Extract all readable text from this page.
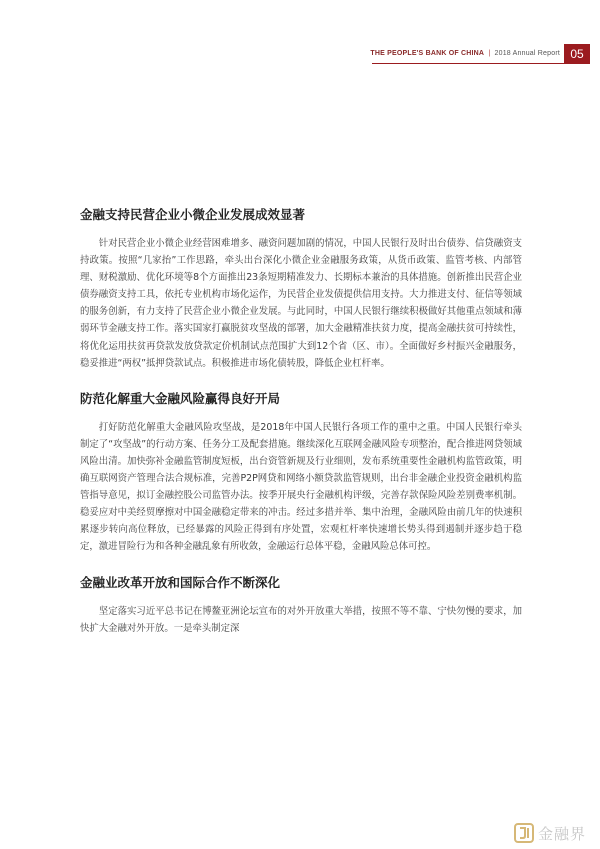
THE PEOPLE'S BANK OF CHINA | 2018 Annual Report 05
金融支持民营企业小微企业发展成效显著

针对民营企业小微企业经营困难增多、融资问题加剧的情况，中国人民银行及时出台债券、信贷融资支持政策。按照“几家抬”工作思路，牵头出台深化小微企业金融服务政策，从货币政策、监管考核、内部管理、财税激励、优化环境等8个方面推出23条短期精准发力、长期标本兼治的具体措施。创新推出民营企业债券融资支持工具，依托专业机构市场化运作，为民营企业发债提供信用支持。大力推进支付、征信等领域的服务创新，有力支持了民营企业小微企业发展。与此同时，中国人民银行继续积极做好其他重点领域和薄弱环节金融支持工作。落实国家打赢脱贫攻坚战的部署，加大金融精准扶贫力度，提高金融扶贫可持续性，将优化运用扶贫再贷款发放贷款定价机制试点范围扩大到12个省（区、市）。全面做好乡村振兴金融服务，稳妥推进“两权”抵押贷款试点。积极推进市场化债转股，降低企业杠杆率。

防范化解重大金融风险赢得良好开局

打好防范化解重大金融风险攻坚战，是2018年中国人民银行各项工作的重中之重。中国人民银行牵头制定了“攻坚战”的行动方案、任务分工及配套措施。继续深化互联网金融风险专项整治，配合推进网贷领域风险出清。加快弥补金融监管制度短板，出台资管新规及行业细则，发布系统重要性金融机构监管政策，明确互联网资产管理合法合规标准，完善P2P网贷和网络小额贷款监管规则，出台非金融企业投资金融机构监管指导意见，拟订金融控股公司监管办法。按季开展央行金融机构评级，完善存款保险风险差别费率机制。稳妥应对中美经贸摩擦对中国金融稳定带来的冲击。经过多措并举、集中治理，金融风险由前几年的快速积累逐步转向高位释放，已经暴露的风险正得到有序处置，宏观杠杆率快速增长势头得到遏制并逐步趋于稳定，激进冒险行为和各种金融乱象有所收敛，金融运行总体平稳，金融风险总体可控。

金融业改革开放和国际合作不断深化

坚定落实习近平总书记在博鳌亚洲论坛宣布的对外开放重大举措，按照不等不靠、宁快勿慢的要求，加快扩大金融对外开放。一是牵头制定深

金融界
